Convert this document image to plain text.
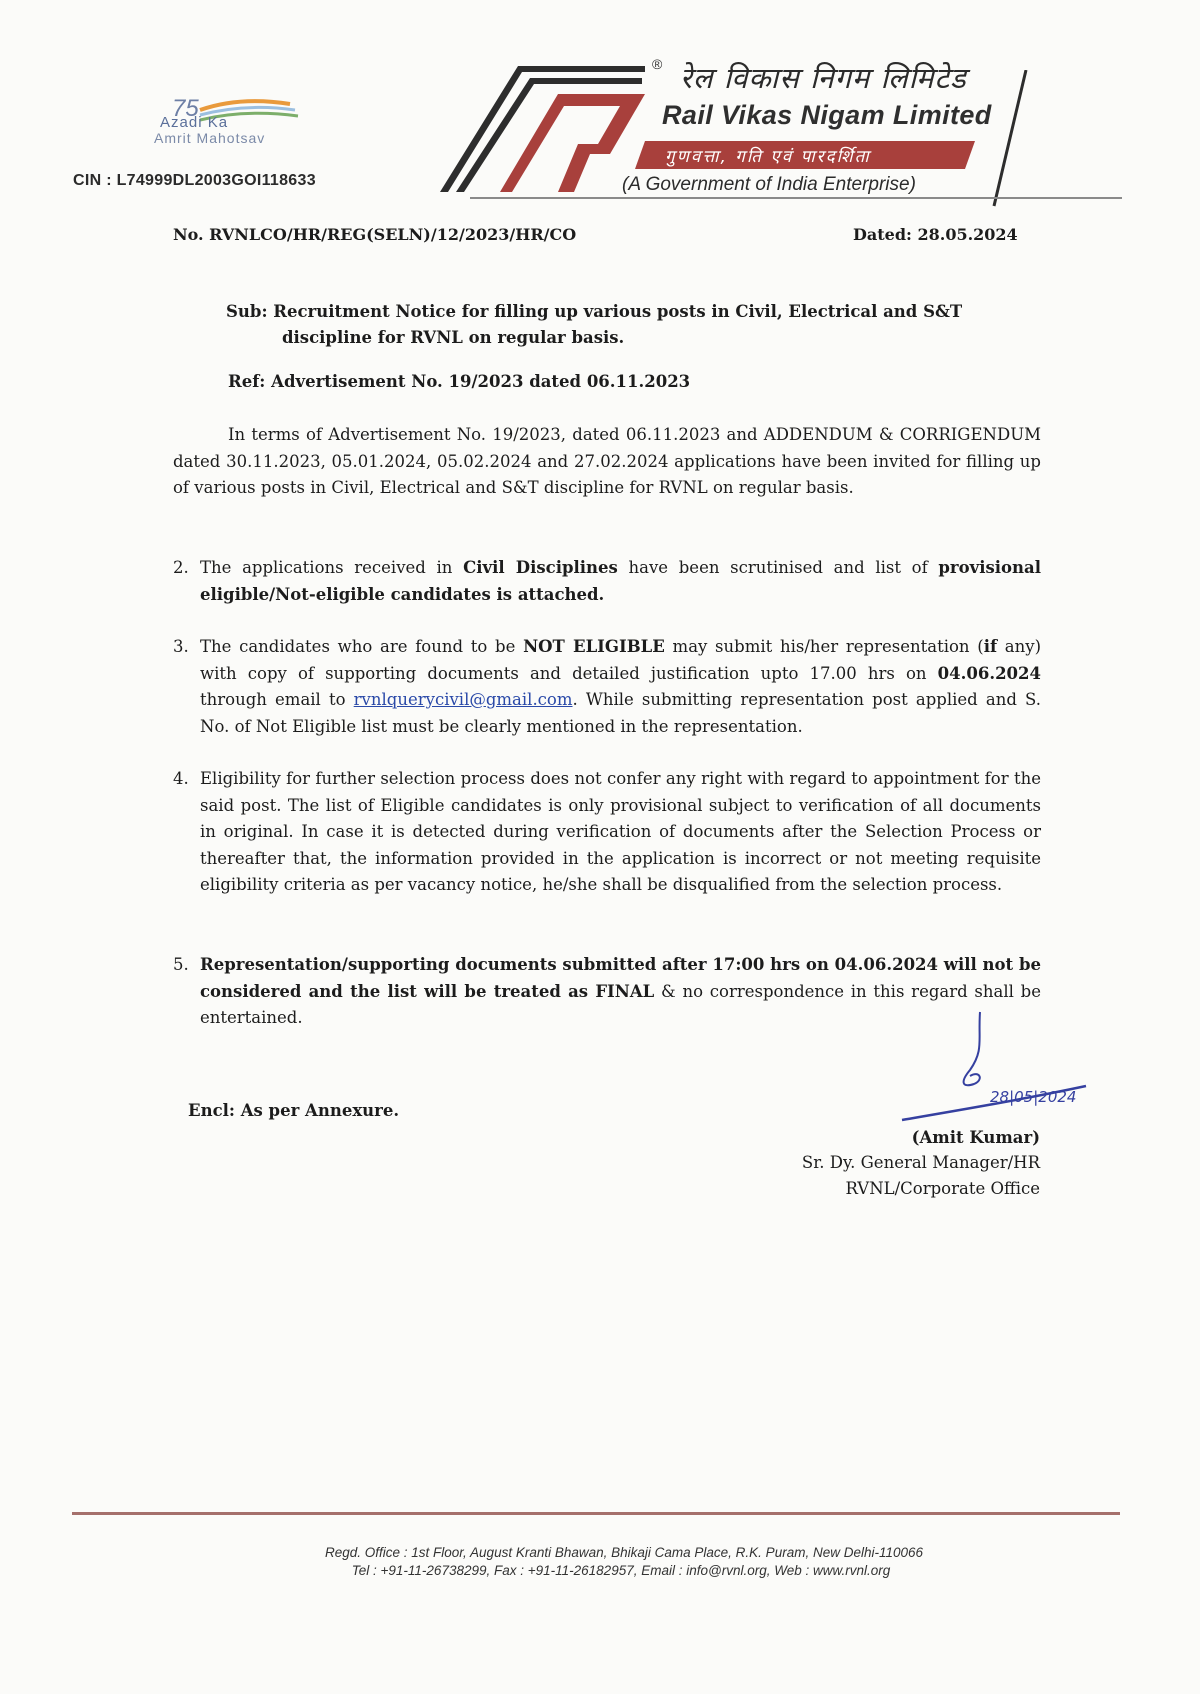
75
Azadi Ka
Amrit Mahotsav
CIN : L74999DL2003GOI118633
® रेल विकास निगम लिमिटेड
Rail Vikas Nigam Limited
गुणवत्ता, गति एवं पारदर्शिता
(A Government of India Enterprise)
No. RVNLCO/HR/REG(SELN)/12/2023/HR/CO	Dated: 28.05.2024
Sub: Recruitment Notice for filling up various posts in Civil, Electrical and S&T
discipline for RVNL on regular basis.
Ref: Advertisement No. 19/2023 dated 06.11.2023
In terms of Advertisement No. 19/2023, dated 06.11.2023 and ADDENDUM & CORRIGENDUM dated 30.11.2023, 05.01.2024, 05.02.2024 and 27.02.2024 applications have been invited for filling up of various posts in Civil, Electrical and S&T discipline for RVNL on regular basis.
2. The applications received in Civil Disciplines have been scrutinised and list of provisional eligible/Not-eligible candidates is attached.
3. The candidates who are found to be NOT ELIGIBLE may submit his/her representation (if any) with copy of supporting documents and detailed justification upto 17.00 hrs on 04.06.2024 through email to rvnlquerycivil@gmail.com. While submitting representation post applied and S. No. of Not Eligible list must be clearly mentioned in the representation.
4. Eligibility for further selection process does not confer any right with regard to appointment for the said post. The list of Eligible candidates is only provisional subject to verification of all documents in original. In case it is detected during verification of documents after the Selection Process or thereafter that, the information provided in the application is incorrect or not meeting requisite eligibility criteria as per vacancy notice, he/she shall be disqualified from the selection process.
5. Representation/supporting documents submitted after 17:00 hrs on 04.06.2024 will not be considered and the list will be treated as FINAL & no correspondence in this regard shall be entertained.
Encl: As per Annexure.
28|05|2024
(Amit Kumar)
Sr. Dy. General Manager/HR
RVNL/Corporate Office
Regd. Office : 1st Floor, August Kranti Bhawan, Bhikaji Cama Place, R.K. Puram, New Delhi-110066
Tel : +91-11-26738299, Fax : +91-11-26182957, Email : info@rvnl.org, Web : www.rvnl.org
